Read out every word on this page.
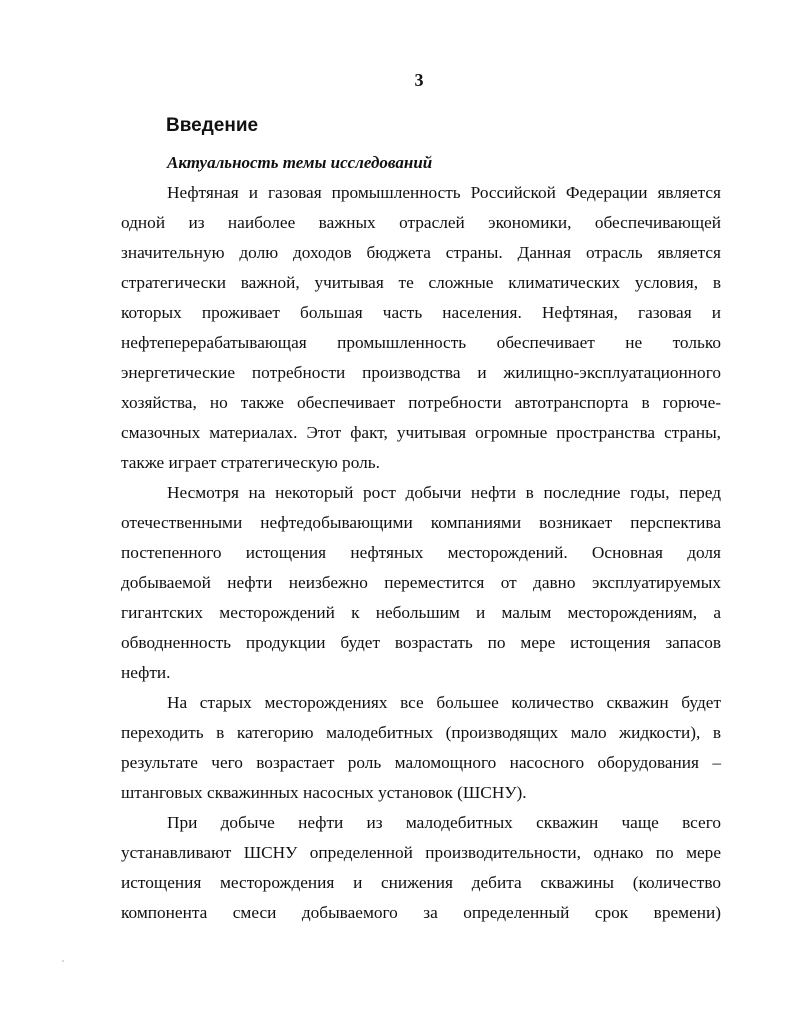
3
Введение
Актуальность темы исследований
Нефтяная и газовая промышленность Российской Федерации является
одной из наиболее важных отраслей экономики, обеспечивающей
значительную долю доходов бюджета страны. Данная отрасль является
стратегически важной, учитывая те сложные климатических условия, в
которых проживает большая часть населения. Нефтяная, газовая и
нефтеперерабатывающая промышленность обеспечивает не только
энергетические потребности производства и жилищно-эксплуатационного
хозяйства, но также обеспечивает потребности автотранспорта в горюче-
смазочных материалах. Этот факт, учитывая огромные пространства страны,
также играет стратегическую роль.
Несмотря на некоторый рост добычи нефти в последние годы, перед
отечественными нефтедобывающими компаниями возникает перспектива
постепенного истощения нефтяных месторождений. Основная доля
добываемой нефти неизбежно переместится от давно эксплуатируемых
гигантских месторождений к небольшим и малым месторождениям, а
обводненность продукции будет возрастать по мере истощения запасов
нефти.
На старых месторождениях все большее количество скважин будет
переходить в категорию малодебитных (производящих мало жидкости), в
результате чего возрастает роль маломощного насосного оборудования –
штанговых скважинных насосных установок (ШСНУ).
При добыче нефти из малодебитных скважин чаще всего
устанавливают ШСНУ определенной производительности, однако по мере
истощения месторождения и снижения дебита скважины (количество
компонента смеси добываемого за определенный срок времени)
